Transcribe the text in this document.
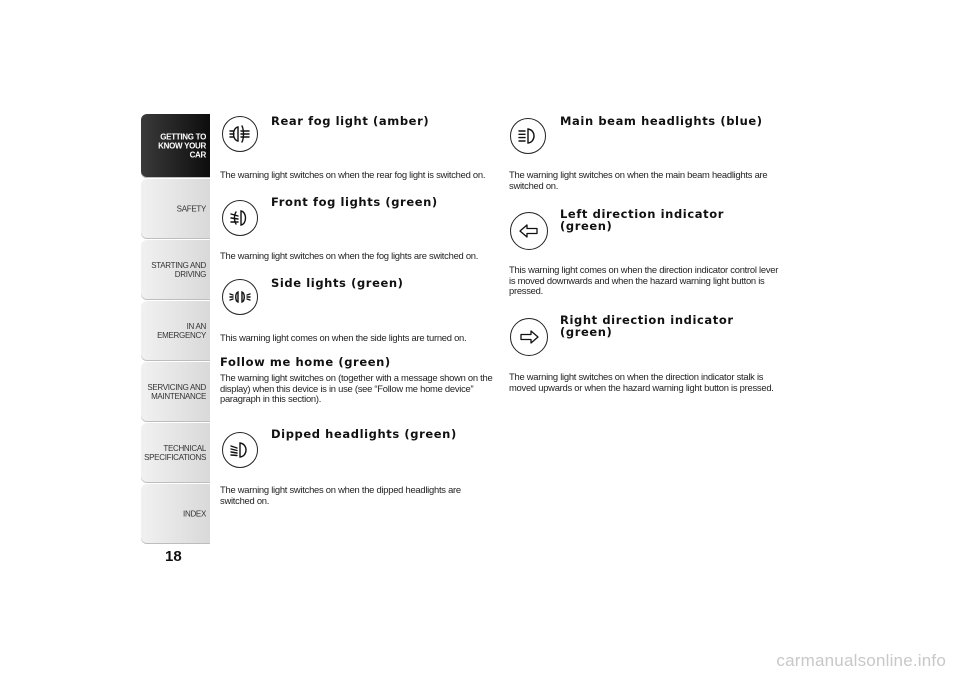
GETTING TO
KNOW YOUR CAR
SAFETY
STARTING AND
DRIVING
IN AN EMERGENCY
SERVICING AND
MAINTENANCE
TECHNICAL
SPECIFICATIONS
INDEX
18
Rear fog light (amber)
The warning light switches on when the rear fog light is switched on.
Front fog lights (green)
The warning light switches on when the fog lights are switched on.
Side lights (green)
This warning light comes on when the side lights are turned on.
Follow me home (green)
The warning light switches on (together with a message shown on the display) when this device is in use (see “Follow me home device” paragraph in this section).
Dipped headlights (green)
The warning light switches on when the dipped headlights are switched on.
Main beam headlights (blue)
The warning light switches on when the main beam headlights are switched on.
Left direction indicator
(green)
This warning light comes on when the direction indicator control lever is moved downwards and when the hazard warning light button is pressed.
Right direction indicator
(green)
The warning light switches on when the direction indicator stalk is moved upwards or when the hazard warning light button is pressed.
carmanualsonline.info
